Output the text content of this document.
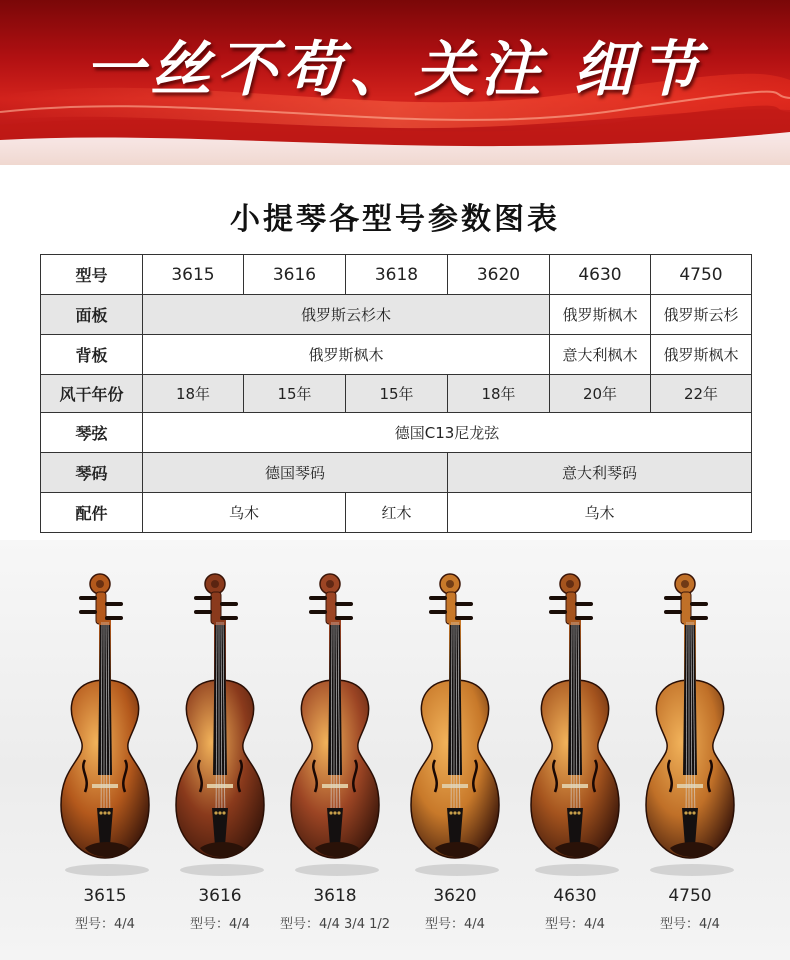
一丝不苟、关注 细节
小提琴各型号参数图表
型号	3615	3616	3618	3620	4630	4750
面板	俄罗斯云杉木				俄罗斯枫木	俄罗斯云杉
背板	俄罗斯枫木				意大利枫木	俄罗斯枫木
风干年份	18年	15年	15年	18年	20年	22年
琴弦	德国C13尼龙弦					
琴码	德国琴码			意大利琴码		
配件	乌木		红木	乌木		
3615
型号：4/4
3616
型号：4/4
3618
型号：4/4 3/4 1/2
3620
型号：4/4
4630
型号：4/4
4750
型号：4/4
